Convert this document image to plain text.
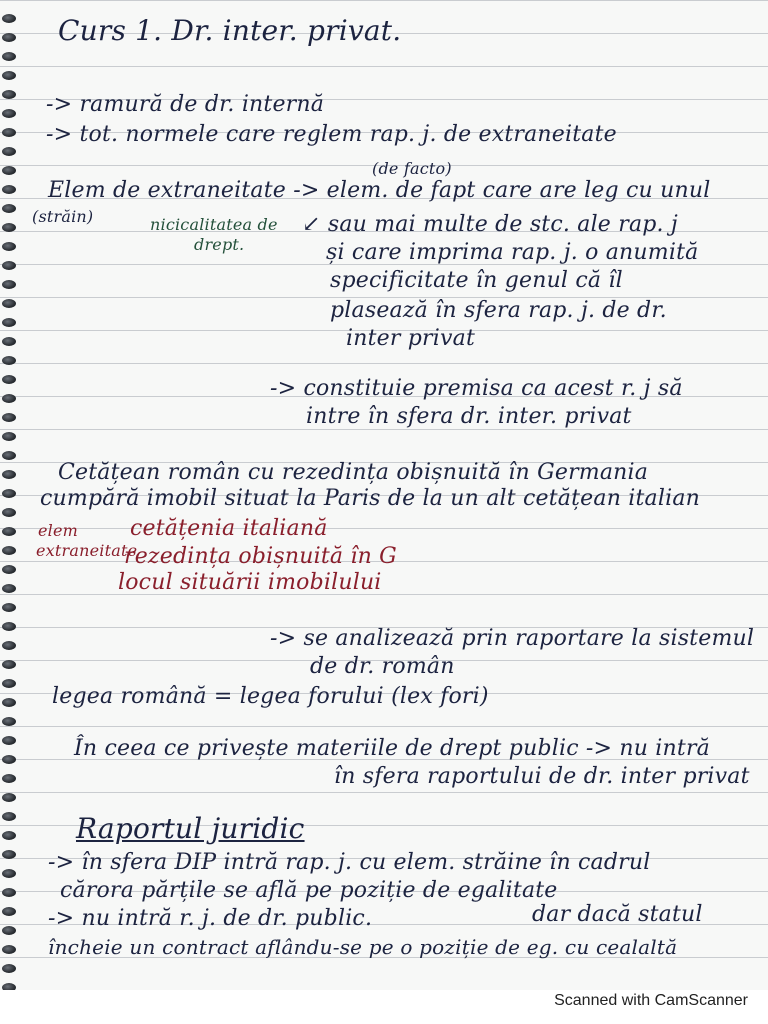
Curs 1. Dr. inter. privat.
-> ramură de dr. internă
-> tot. normele care reglem rap. j. de extraneitate
(de facto)
Elem de extraneitate -> elem. de fapt care are leg cu unul
(străin)	nicicalitatea de
drept.
↙ sau mai multe de stc. ale rap. j
și care imprima rap. j. o anumită
specificitate în genul că îl
plasează în sfera rap. j. de dr.
inter privat
-> constituie premisa ca acest r. j să
intre în sfera dr. inter. privat
Cetățean român cu rezedința obișnuită în Germania
cumpără imobil situat la Paris de la un alt cetățean italian
elem
extraneitate
cetățenia italiană
rezedința obișnuită în G
locul situării imobilului
-> se analizează prin raportare la sistemul
de dr. român
legea română = legea forului (lex fori)
În ceea ce privește materiile de drept public -> nu intră
în sfera raportului de dr. inter privat
Raportul juridic
-> în sfera DIP intră rap. j. cu elem. străine în cadrul
cărora părțile se află pe poziție de egalitate
-> nu intră r. j. de dr. public.	dar dacă statul
încheie un contract aflându-se pe o poziție de eg. cu cealaltă
Scanned with CamScanner
